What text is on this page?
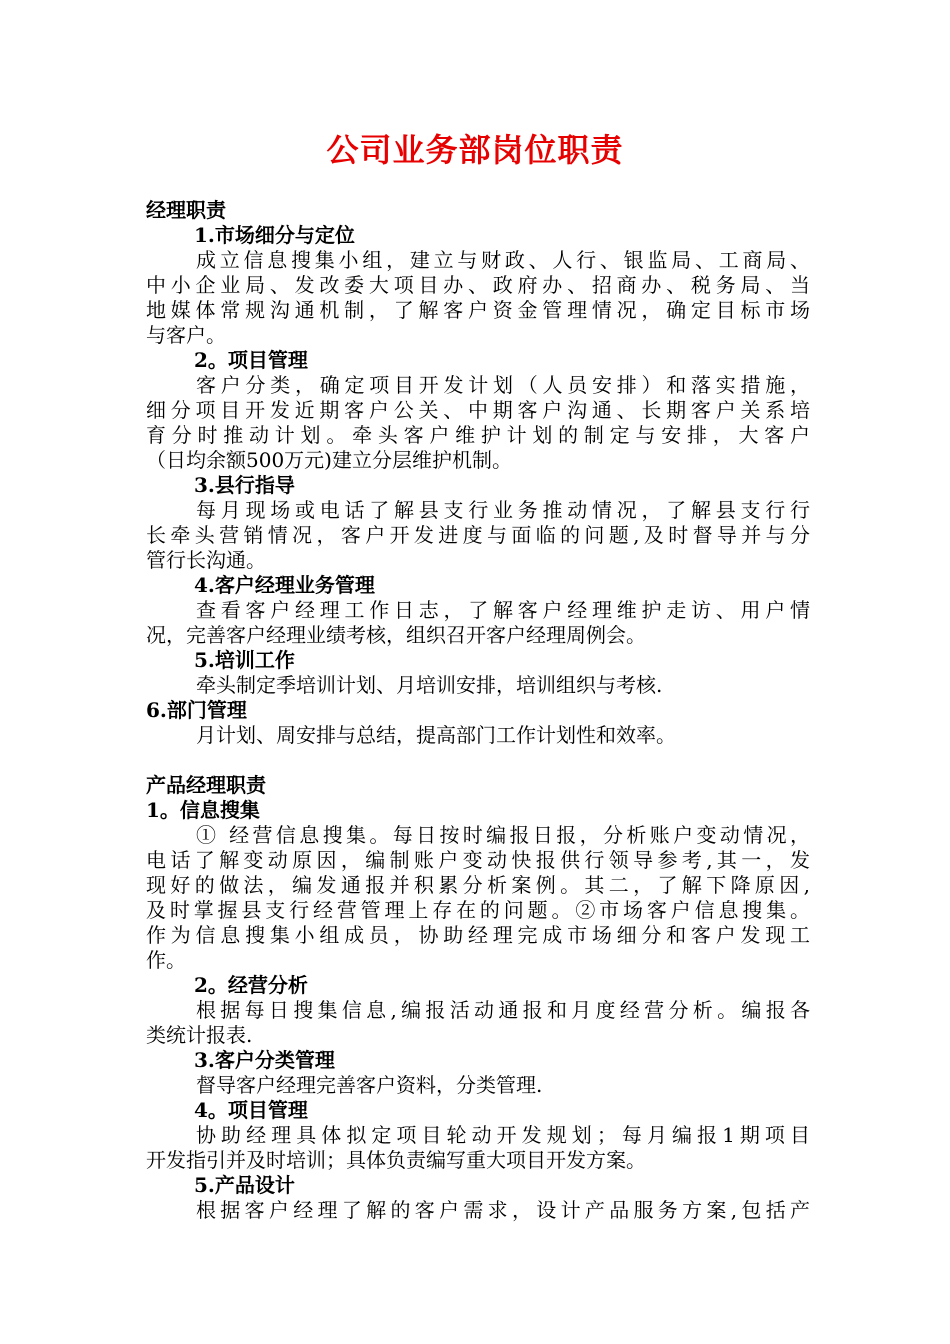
公司业务部岗位职责
经理职责
1.市场细分与定位
成立信息搜集小组，建立与财政、人行、银监局、工商局、
中小企业局、发改委大项目办、政府办、招商办、税务局、当
地媒体常规沟通机制，了解客户资金管理情况，确定目标市场
与客户。
2。项目管理
客户分类，确定项目开发计划（人员安排）和落实措施，
细分项目开发近期客户公关、中期客户沟通、长期客户关系培
育分时推动计划。牵头客户维护计划的制定与安排，大客户
（日均余额500万元)建立分层维护机制。
3.县行指导
每月现场或电话了解县支行业务推动情况，了解县支行行
长牵头营销情况，客户开发进度与面临的问题,及时督导并与分
管行长沟通。
4.客户经理业务管理
查看客户经理工作日志，了解客户经理维护走访、用户情
况，完善客户经理业绩考核，组织召开客户经理周例会。
5.培训工作
牵头制定季培训计划、月培训安排，培训组织与考核.
6.部门管理
月计划、周安排与总结，提高部门工作计划性和效率。
产品经理职责
1。信息搜集
① 经营信息搜集。每日按时编报日报，分析账户变动情况，
电话了解变动原因，编制账户变动快报供行领导参考,其一，发
现好的做法，编发通报并积累分析案例。其二，了解下降原因,
及时掌握县支行经营管理上存在的问题。②市场客户信息搜集。
作为信息搜集小组成员，协助经理完成市场细分和客户发现工
作。
2。经营分析
根据每日搜集信息,编报活动通报和月度经营分析。编报各
类统计报表.
3.客户分类管理
督导客户经理完善客户资料，分类管理.
4。项目管理
协助经理具体拟定项目轮动开发规划；每月编报1期项目
开发指引并及时培训；具体负责编写重大项目开发方案。
5.产品设计
根据客户经理了解的客户需求，设计产品服务方案,包括产
